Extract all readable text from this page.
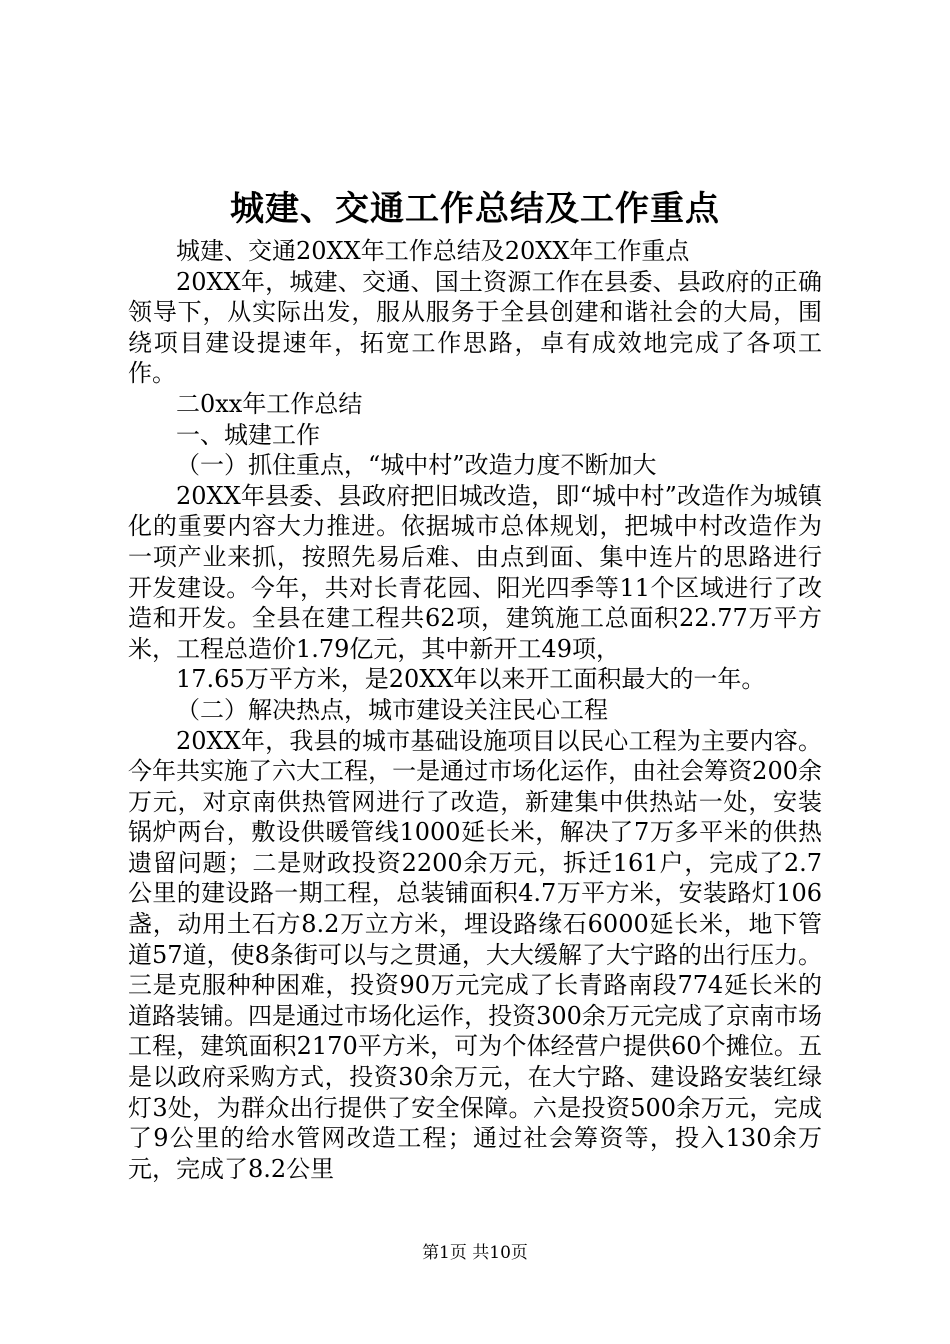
城建、交通工作总结及工作重点

城建、交通20XX年工作总结及20XX年工作重点

20XX年，城建、交通、国土资源工作在县委、县政府的正确领导下，从实际出发，服从服务于全县创建和谐社会的大局，围绕项目建设提速年，拓宽工作思路，卓有成效地完成了各项工作。

二0xx年工作总结

一、城建工作

（一）抓住重点，“城中村”改造力度不断加大

20XX年县委、县政府把旧城改造，即“城中村”改造作为城镇化的重要内容大力推进。依据城市总体规划，把城中村改造作为一项产业来抓，按照先易后难、由点到面、集中连片的思路进行开发建设。今年，共对长青花园、阳光四季等11个区域进行了改造和开发。全县在建工程共62项，建筑施工总面积22.77万平方米，工程总造价1.79亿元，其中新开工49项，

17.65万平方米，是20XX年以来开工面积最大的一年。

（二）解决热点，城市建设关注民心工程

20XX年，我县的城市基础设施项目以民心工程为主要内容。今年共实施了六大工程，一是通过市场化运作，由社会筹资200余万元，对京南供热管网进行了改造，新建集中供热站一处，安装锅炉两台，敷设供暖管线1000延长米，解决了7万多平米的供热遗留问题；二是财政投资2200余万元，拆迁161户，完成了2.7公里的建设路一期工程，总装铺面积4.7万平方米，安装路灯106盏，动用土石方8.2万立方米，埋设路缘石6000延长米，地下管道57道，使8条街可以与之贯通，大大缓解了大宁路的出行压力。三是克服种种困难，投资90万元完成了长青路南段774延长米的道路装铺。四是通过市场化运作，投资300余万元完成了京南市场工程，建筑面积2170平方米，可为个体经营户提供60个摊位。五是以政府采购方式，投资30余万元，在大宁路、建设路安装红绿灯3处，为群众出行提供了安全保障。六是投资500余万元，完成了9公里的给水管网改造工程；通过社会筹资等，投入130余万元，完成了8.2公里

第1页 共10页
